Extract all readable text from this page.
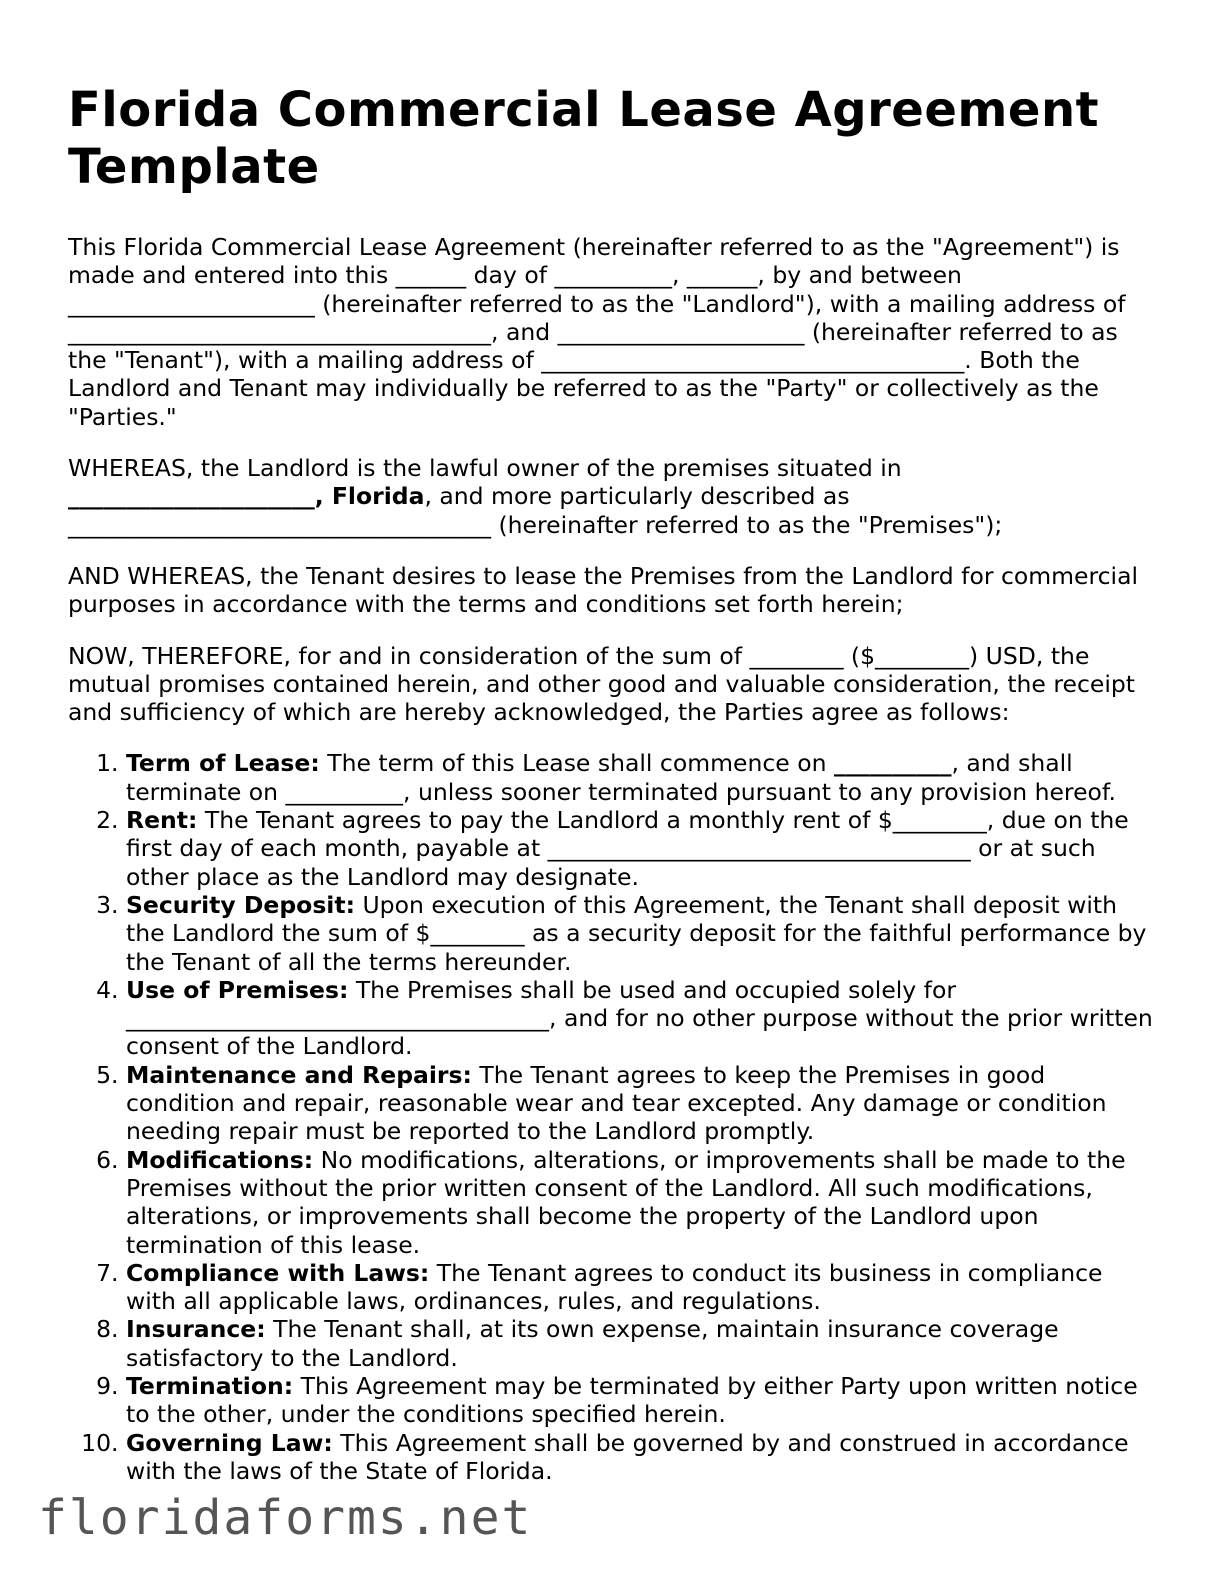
Florida Commercial Lease Agreement Template

This Florida Commercial Lease Agreement (hereinafter referred to as the "Agreement") is made and entered into this ______ day of __________, ______, by and between _____________________ (hereinafter referred to as the "Landlord"), with a mailing address of ____________________________________, and _____________________ (hereinafter referred to as the "Tenant"), with a mailing address of ____________________________________. Both the Landlord and Tenant may individually be referred to as the "Party" or collectively as the "Parties."

WHEREAS, the Landlord is the lawful owner of the premises situated in
_____________________, Florida, and more particularly described as ____________________________________ (hereinafter referred to as the "Premises");

AND WHEREAS, the Tenant desires to lease the Premises from the Landlord for commercial purposes in accordance with the terms and conditions set forth herein;

NOW, THEREFORE, for and in consideration of the sum of ________ ($________) USD, the mutual promises contained herein, and other good and valuable consideration, the receipt and sufficiency of which are hereby acknowledged, the Parties agree as follows:

1. Term of Lease: The term of this Lease shall commence on __________, and shall terminate on __________, unless sooner terminated pursuant to any provision hereof.
2. Rent: The Tenant agrees to pay the Landlord a monthly rent of $________, due on the first day of each month, payable at ____________________________________ or at such other place as the Landlord may designate.
3. Security Deposit: Upon execution of this Agreement, the Tenant shall deposit with the Landlord the sum of $________ as a security deposit for the faithful performance by the Tenant of all the terms hereunder.
4. Use of Premises: The Premises shall be used and occupied solely for ____________________________________, and for no other purpose without the prior written consent of the Landlord.
5. Maintenance and Repairs: The Tenant agrees to keep the Premises in good condition and repair, reasonable wear and tear excepted. Any damage or condition needing repair must be reported to the Landlord promptly.
6. Modifications: No modifications, alterations, or improvements shall be made to the Premises without the prior written consent of the Landlord. All such modifications, alterations, or improvements shall become the property of the Landlord upon termination of this lease.
7. Compliance with Laws: The Tenant agrees to conduct its business in compliance with all applicable laws, ordinances, rules, and regulations.
8. Insurance: The Tenant shall, at its own expense, maintain insurance coverage satisfactory to the Landlord.
9. Termination: This Agreement may be terminated by either Party upon written notice to the other, under the conditions specified herein.
10. Governing Law: This Agreement shall be governed by and construed in accordance with the laws of the State of Florida.
floridaforms.net
